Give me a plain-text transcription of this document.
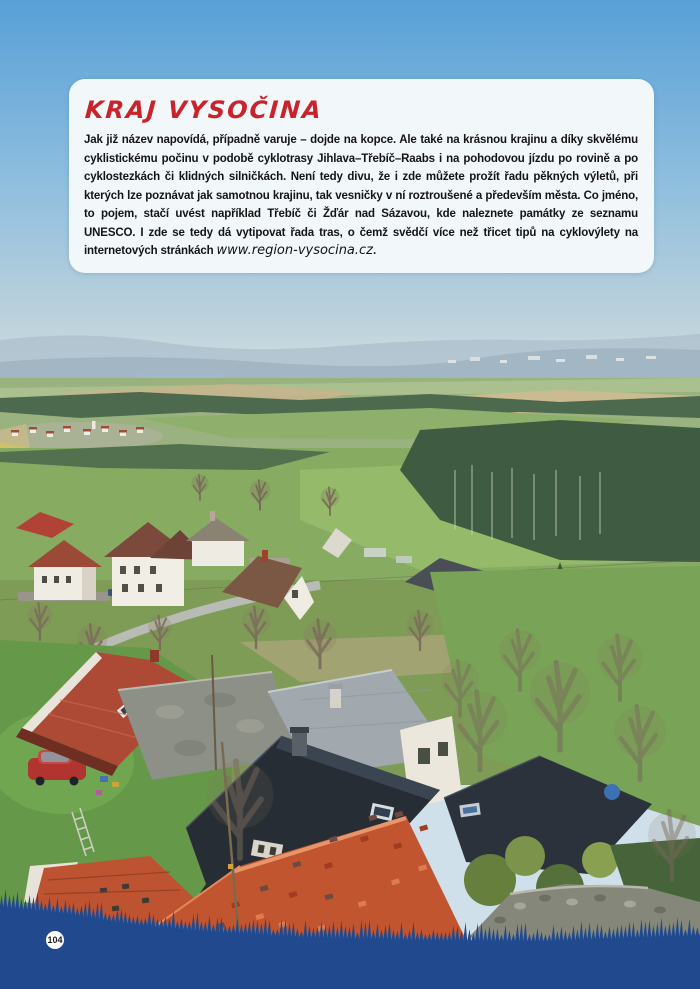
KRAJ VYSOČINA

Jak již název napovídá, případně varuje – dojde na kopce. Ale také na krásnou krajinu a díky skvělému cyklistickému počinu v podobě cyklotrasy Jihlava–Třebíč–Raabs i na pohodovou jízdu po rovině a po cyklostezkách či klidných silničkách. Není tedy divu, že i zde můžete prožít řadu pěkných výletů, při kterých lze poznávat jak samotnou krajinu, tak vesničky v ní roztroušené a především města. Co jméno, to pojem, stačí uvést například Třebíč či Žďár nad Sázavou, kde naleznete památky ze seznamu UNESCO. I zde se tedy dá vytipovat řada tras, o čemž svědčí více než třicet tipů na cyklovýlety na internetových stránkách www.region-vysocina.cz.

104
